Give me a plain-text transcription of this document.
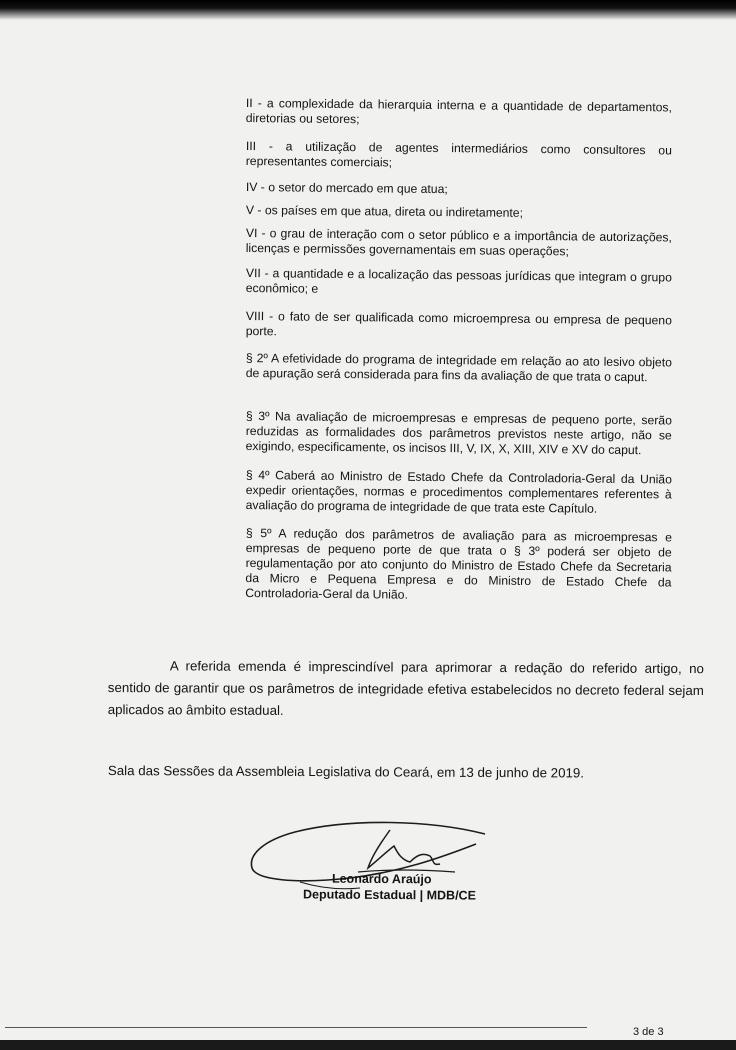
II - a complexidade da hierarquia interna e a quantidade de departamentos, diretorias ou setores;
III - a utilização de agentes intermediários como consultores ou representantes comerciais;
IV - o setor do mercado em que atua;
V - os países em que atua, direta ou indiretamente;
VI - o grau de interação com o setor público e a importância de autorizações, licenças e permissões governamentais em suas operações;
VII - a quantidade e a localização das pessoas jurídicas que integram o grupo econômico; e
VIII - o fato de ser qualificada como microempresa ou empresa de pequeno porte.
§ 2º A efetividade do programa de integridade em relação ao ato lesivo objeto de apuração será considerada para fins da avaliação de que trata o caput.
§ 3º Na avaliação de microempresas e empresas de pequeno porte, serão reduzidas as formalidades dos parâmetros previstos neste artigo, não se exigindo, especificamente, os incisos III, V, IX, X, XIII, XIV e XV do caput.
§ 4º Caberá ao Ministro de Estado Chefe da Controladoria-Geral da União expedir orientações, normas e procedimentos complementares referentes à avaliação do programa de integridade de que trata este Capítulo.
§ 5º A redução dos parâmetros de avaliação para as microempresas e empresas de pequeno porte de que trata o § 3º poderá ser objeto de regulamentação por ato conjunto do Ministro de Estado Chefe da Secretaria da Micro e Pequena Empresa e do Ministro de Estado Chefe da Controladoria-Geral da União.
A referida emenda é imprescindível para aprimorar a redação do referido artigo, no sentido de garantir que os parâmetros de integridade efetiva estabelecidos no decreto federal sejam aplicados ao âmbito estadual.
Sala das Sessões da Assembleia Legislativa do Ceará, em 13 de junho de 2019.
Leonardo Araújo
Deputado Estadual | MDB/CE
3 de 3
